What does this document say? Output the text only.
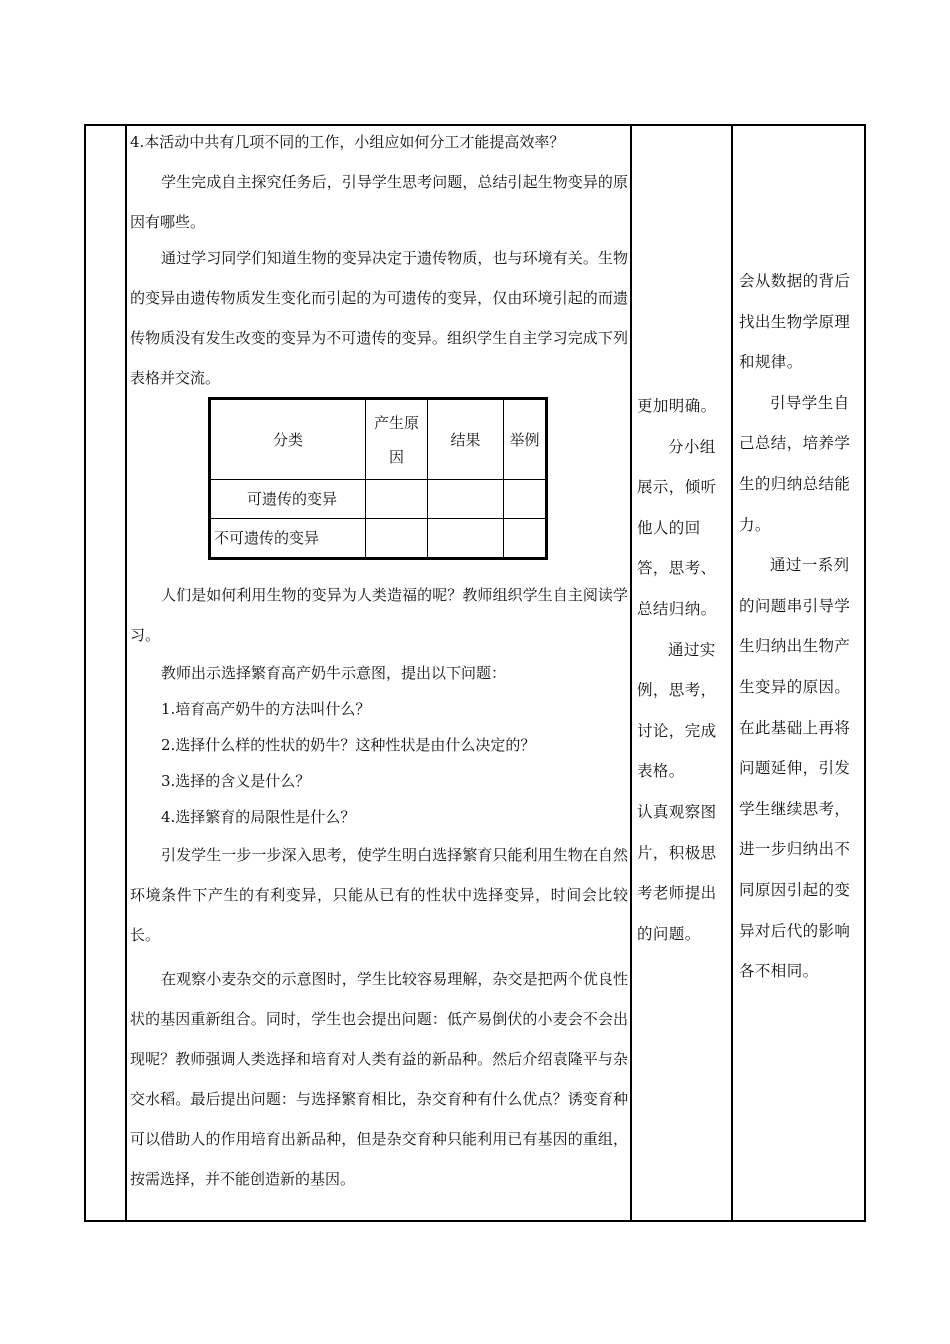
4.本活动中共有几项不同的工作，小组应如何分工才能提高效率？

学生完成自主探究任务后，引导学生思考问题，总结引起生物变异的原因有哪些。

通过学习同学们知道生物的变异决定于遗传物质，也与环境有关。生物的变异由遗传物质发生变化而引起的为可遗传的变异，仅由环境引起的而遗传物质没有发生改变的变异为不可遗传的变异。组织学生自主学习完成下列表格并交流。

人们是如何利用生物的变异为人类造福的呢？教师组织学生自主阅读学习。

教师出示选择繁育高产奶牛示意图，提出以下问题：

1.培育高产奶牛的方法叫什么？

2.选择什么样的性状的奶牛？这种性状是由什么决定的？

3.选择的含义是什么？

4.选择繁育的局限性是什么？

引发学生一步一步深入思考，使学生明白选择繁育只能利用生物在自然环境条件下产生的有利变异，只能从已有的性状中选择变异，时间会比较长。

在观察小麦杂交的示意图时，学生比较容易理解，杂交是把两个优良性状的基因重新组合。同时，学生也会提出问题：低产易倒伏的小麦会不会出现呢？教师强调人类选择和培育对人类有益的新品种。然后介绍袁隆平与杂交水稻。最后提出问题：与选择繁育相比，杂交育种有什么优点？诱变育种可以借助人的作用培育出新品种，但是杂交育种只能利用已有基因的重组，按需选择，并不能创造新的基因。

分类
产生原因
结果	举例
可遗传的变异
不可遗传的变异

更加明确。

分小组展示，倾听他人的回答，思考、总结归纳。

通过实例，思考，讨论，完成表格。

认真观察图片，积极思考老师提出的问题。

会从数据的背后找出生物学原理和规律。

引导学生自己总结，培养学生的归纳总结能力。

通过一系列的问题串引导学生归纳出生物产生变异的原因。在此基础上再将问题延伸，引发学生继续思考，进一步归纳出不同原因引起的变异对后代的影响各不相同。
